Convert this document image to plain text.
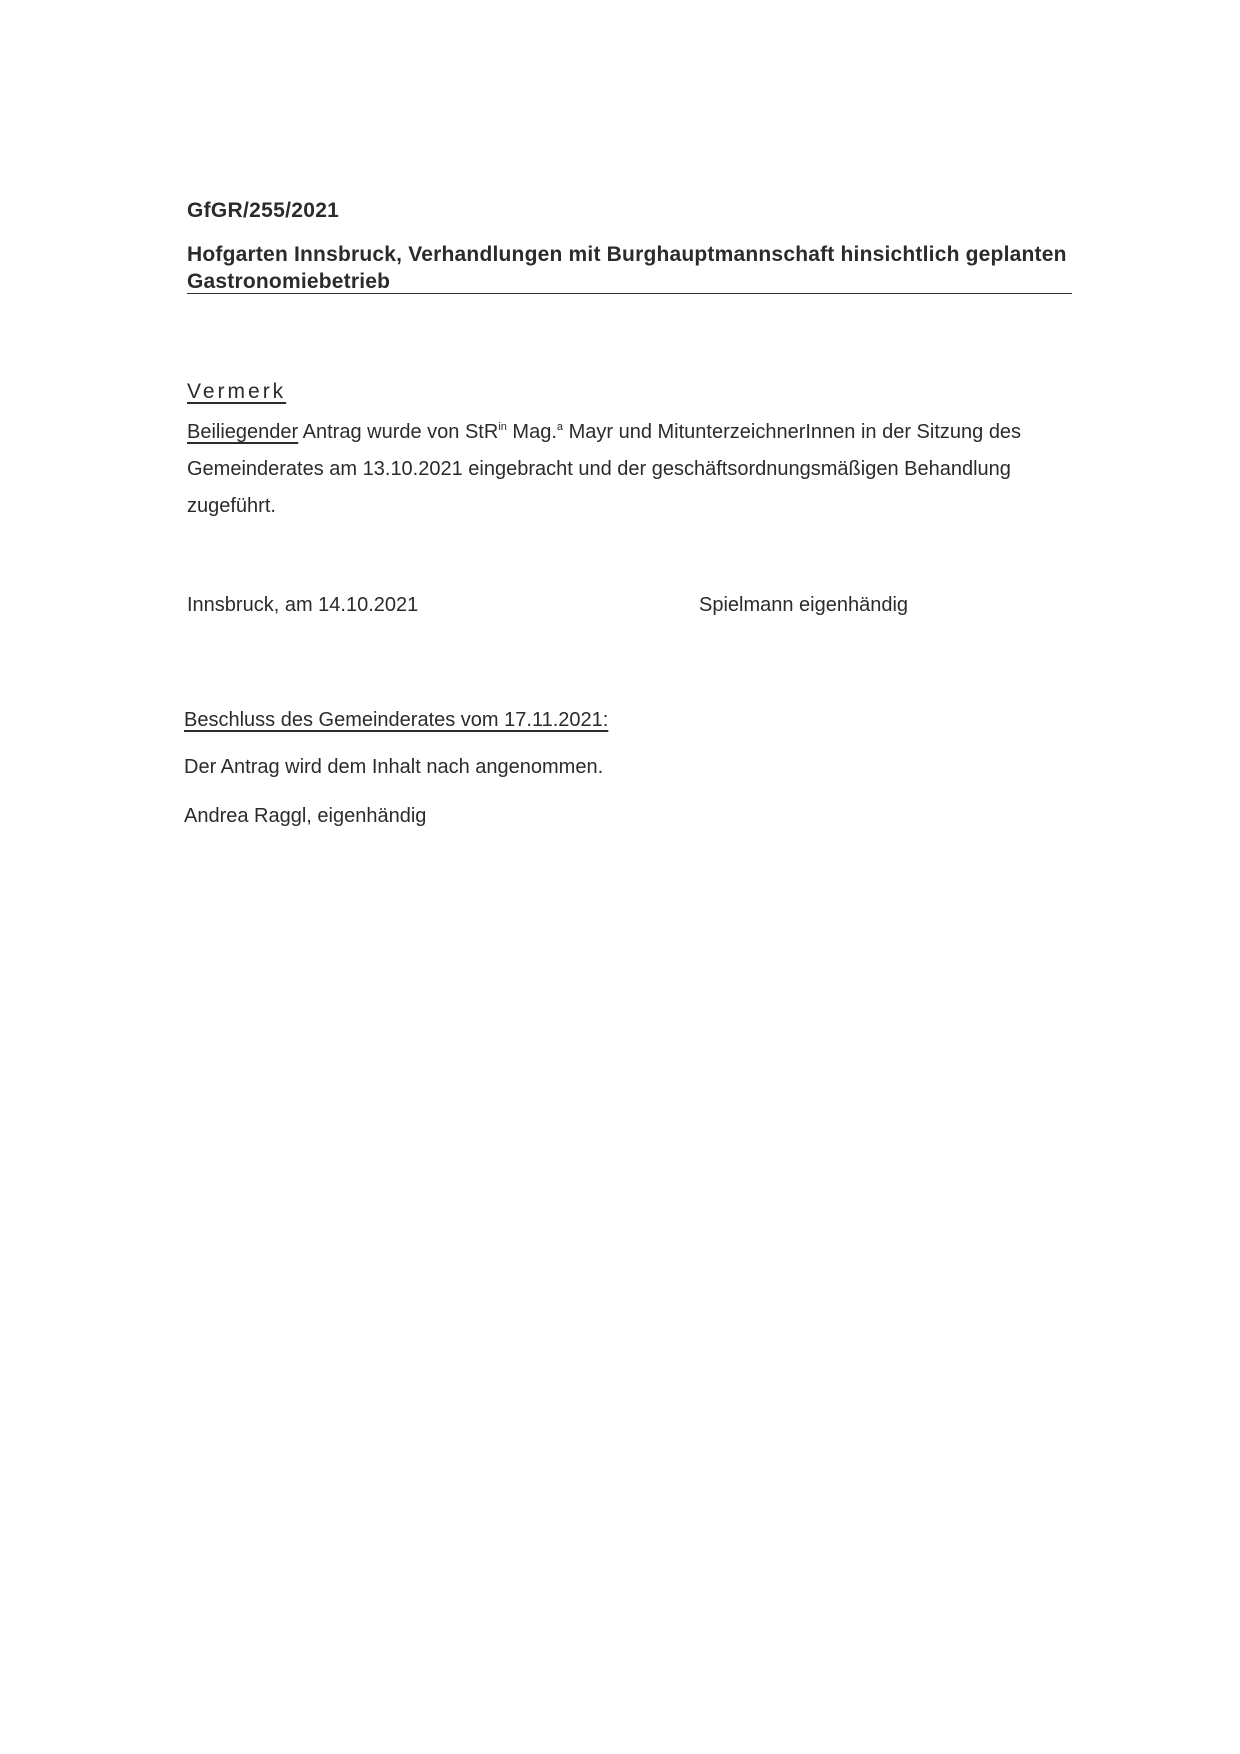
GfGR/255/2021
Hofgarten Innsbruck, Verhandlungen mit Burghauptmannschaft hinsichtlich geplanten Gastronomiebetrieb
Vermerk
Beiliegender Antrag wurde von StR$^{in}$ Mag.$^a$ Mayr und MitunterzeichnerInnen in der Sitzung des Gemeinderates am 13.10.2021 eingebracht und der geschäftsordnungsmäßigen Behandlung zugeführt.
Innsbruck, am 14.10.2021	Spielmann eigenhändig
Beschluss des Gemeinderates vom 17.11.2021:
Der Antrag wird dem Inhalt nach angenommen.
Andrea Raggl, eigenhändig
